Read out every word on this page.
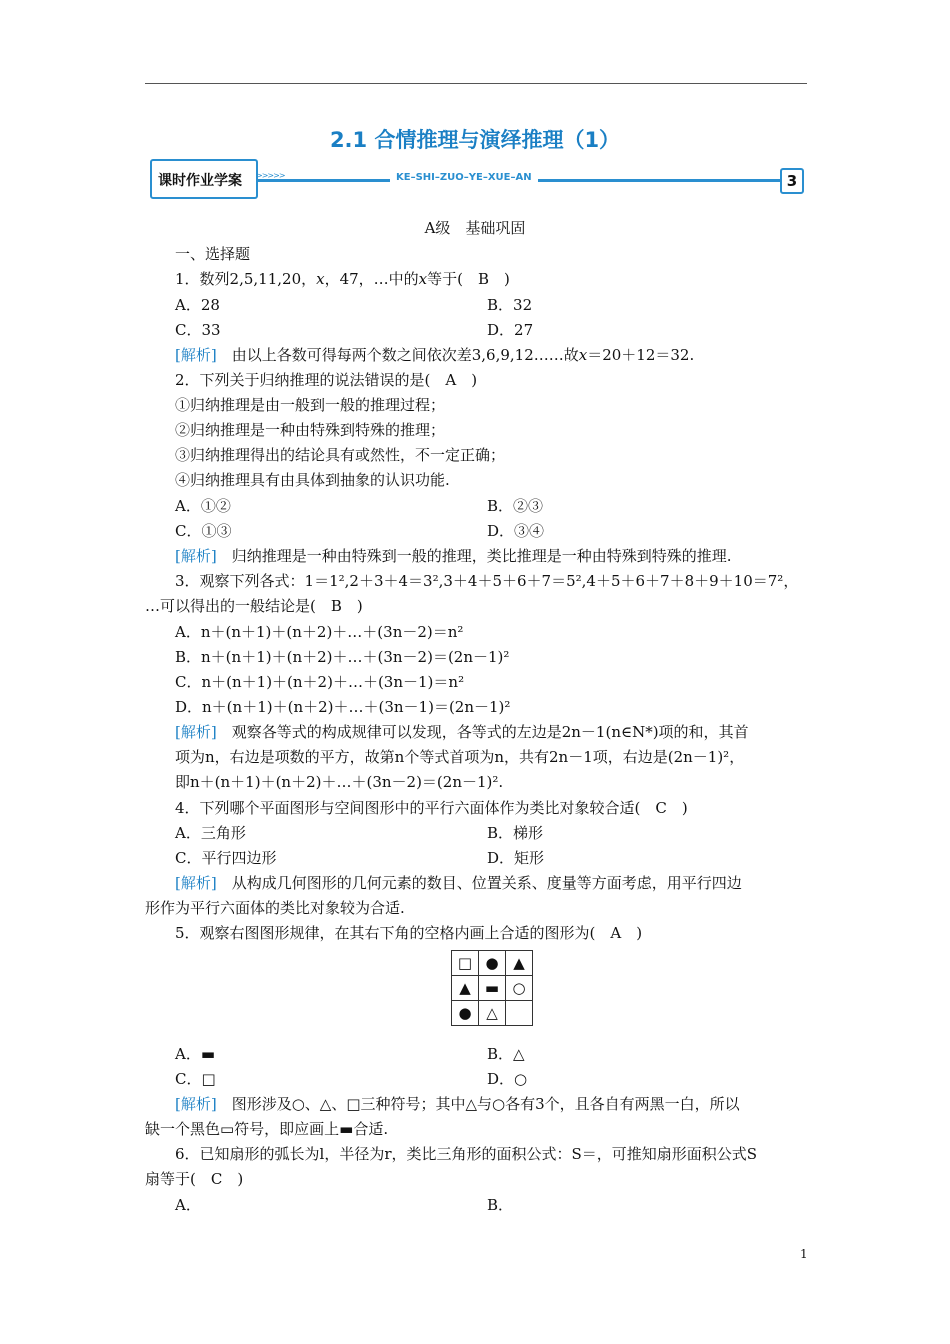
2.1 合情推理与演绎推理（1）
课时作业学案 >>>>>	KE–SHI–ZUO–YE–XUE–AN	3
A级　基础巩固
一、选择题
1．数列2,5,11,20，x，47，…中的x等于(　B　)
A．28	B．32
C．33	D．27
[解析]　由以上各数可得每两个数之间依次差3,6,9,12……故x＝20＋12＝32.
2．下列关于归纳推理的说法错误的是(　A　)
①归纳推理是由一般到一般的推理过程；
②归纳推理是一种由特殊到特殊的推理；
③归纳推理得出的结论具有或然性，不一定正确；
④归纳推理具有由具体到抽象的认识功能.
A．①②	B．②③
C．①③	D．③④
[解析]　归纳推理是一种由特殊到一般的推理，类比推理是一种由特殊到特殊的推理.
3．观察下列各式：1＝1²,2＋3＋4＝3²,3＋4＋5＋6＋7＝5²,4＋5＋6＋7＋8＋9＋10＝7²，
…可以得出的一般结论是(　B　)
A．n＋(n＋1)＋(n＋2)＋…＋(3n－2)＝n²
B．n＋(n＋1)＋(n＋2)＋…＋(3n－2)＝(2n－1)²
C．n＋(n＋1)＋(n＋2)＋…＋(3n－1)＝n²
D．n＋(n＋1)＋(n＋2)＋…＋(3n－1)＝(2n－1)²
[解析]　观察各等式的构成规律可以发现，各等式的左边是2n－1(n∈N*)项的和，其首
项为n，右边是项数的平方，故第n个等式首项为n，共有2n－1项，右边是(2n－1)²，
即n＋(n＋1)＋(n＋2)＋…＋(3n－2)＝(2n－1)².
4．下列哪个平面图形与空间图形中的平行六面体作为类比对象较合适(　C　)
A．三角形	B．梯形
C．平行四边形	D．矩形
[解析]　从构成几何图形的几何元素的数目、位置关系、度量等方面考虑，用平行四边
形作为平行六面体的类比对象较为合适.
5．观察右图图形规律，在其右下角的空格内画上合适的图形为(　A　)
□	●	▲
▲	▬	○
●	△	
A．▬	B．△
C．□	D．○
[解析]　图形涉及○、△、□三种符号；其中△与○各有3个，且各自有两黑一白，所以
缺一个黑色▭符号，即应画上▬合适.
6．已知扇形的弧长为l，半径为r，类比三角形的面积公式：S＝，可推知扇形面积公式S
扇等于(　C　)
A．	B．
1
